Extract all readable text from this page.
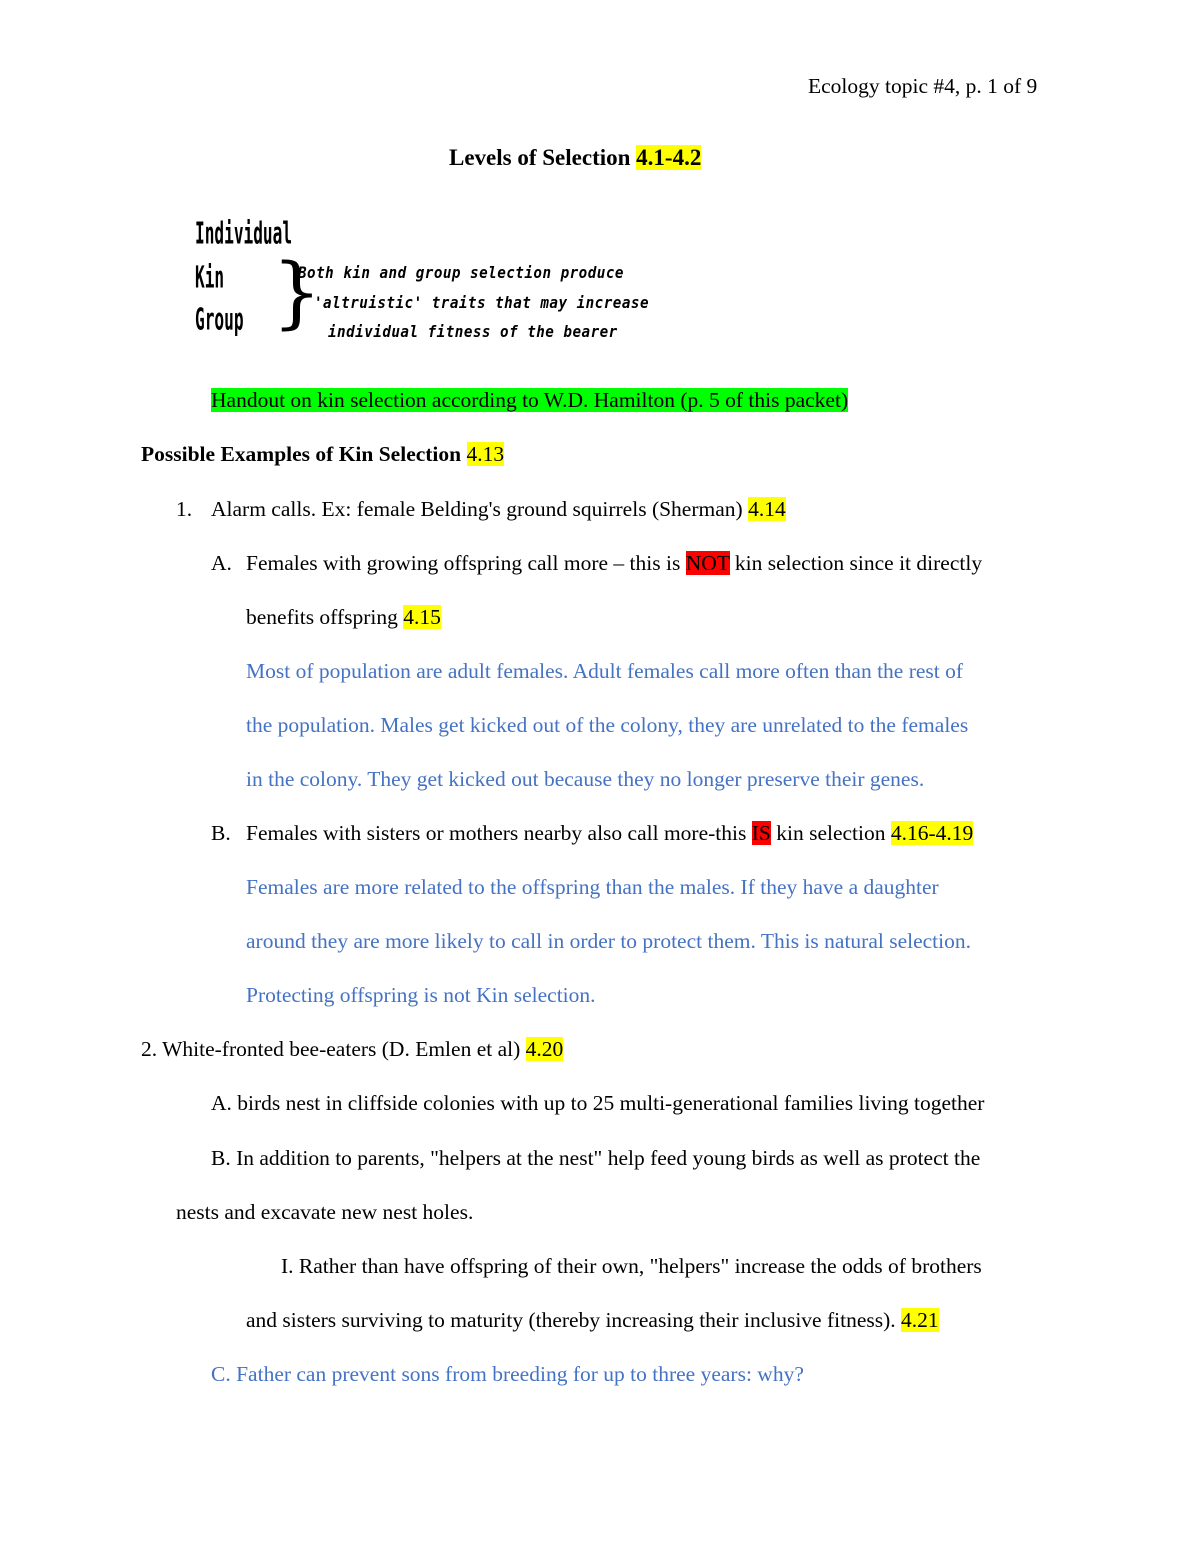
Ecology topic #4, p. 1 of 9
Levels of Selection 4.1-4.2
Individual
Kin
Group }
Both kin and group selection produce
'altruistic' traits that may increase
individual fitness of the bearer
Handout on kin selection according to W.D. Hamilton (p. 5 of this packet)
Possible Examples of Kin Selection 4.13
1. Alarm calls. Ex: female Belding's ground squirrels (Sherman) 4.14
A. Females with growing offspring call more – this is NOT kin selection since it directly
benefits offspring 4.15
Most of population are adult females. Adult females call more often than the rest of
the population. Males get kicked out of the colony, they are unrelated to the females
in the colony. They get kicked out because they no longer preserve their genes.
B. Females with sisters or mothers nearby also call more-this IS kin selection 4.16-4.19
Females are more related to the offspring than the males. If they have a daughter
around they are more likely to call in order to protect them. This is natural selection.
Protecting offspring is not Kin selection.
2. White-fronted bee-eaters (D. Emlen et al) 4.20
A. birds nest in cliffside colonies with up to 25 multi-generational families living together
B. In addition to parents, "helpers at the nest" help feed young birds as well as protect the
nests and excavate new nest holes.
I. Rather than have offspring of their own, "helpers" increase the odds of brothers
and sisters surviving to maturity (thereby increasing their inclusive fitness). 4.21
C. Father can prevent sons from breeding for up to three years: why?
